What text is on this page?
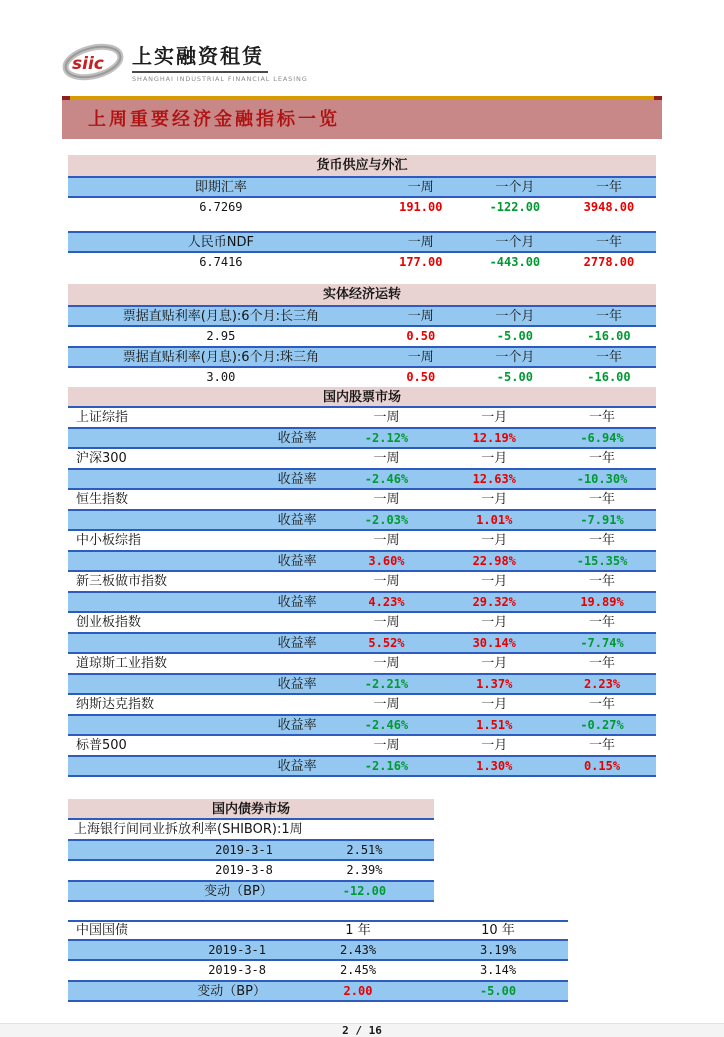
siic 上实融资租赁
SHANGHAI INDUSTRIAL FINANCIAL LEASING
上周重要经济金融指标一览
货币供应与外汇
即期汇率	一周	一个月	一年
6.7269	191.00	-122.00	3948.00
人民币NDF	一周	一个月	一年
6.7416	177.00	-443.00	2778.00
实体经济运转
票据直贴利率(月息):6个月:长三角	一周	一个月	一年
2.95	0.50	-5.00	-16.00
票据直贴利率(月息):6个月:珠三角	一周	一个月	一年
3.00	0.50	-5.00	-16.00
国内股票市场
上证综指	一周	一月	一年
收益率	-2.12%	12.19%	-6.94%
沪深300	一周	一月	一年
收益率	-2.46%	12.63%	-10.30%
恒生指数	一周	一月	一年
收益率	-2.03%	1.01%	-7.91%
中小板综指	一周	一月	一年
收益率	3.60%	22.98%	-15.35%
新三板做市指数	一周	一月	一年
收益率	4.23%	29.32%	19.89%
创业板指数	一周	一月	一年
收益率	5.52%	30.14%	-7.74%
道琼斯工业指数	一周	一月	一年
收益率	-2.21%	1.37%	2.23%
纳斯达克指数	一周	一月	一年
收益率	-2.46%	1.51%	-0.27%
标普500	一周	一月	一年
收益率	-2.16%	1.30%	0.15%
国内债券市场
上海银行间同业拆放利率(SHIBOR):1周
2019-3-1	2.51%
2019-3-8	2.39%
变动（BP）	-12.00
中国国债	1 年	10 年
2019-3-1	2.43%	3.19%
2019-3-8	2.45%	3.14%
变动（BP）	2.00	-5.00
2 / 16
